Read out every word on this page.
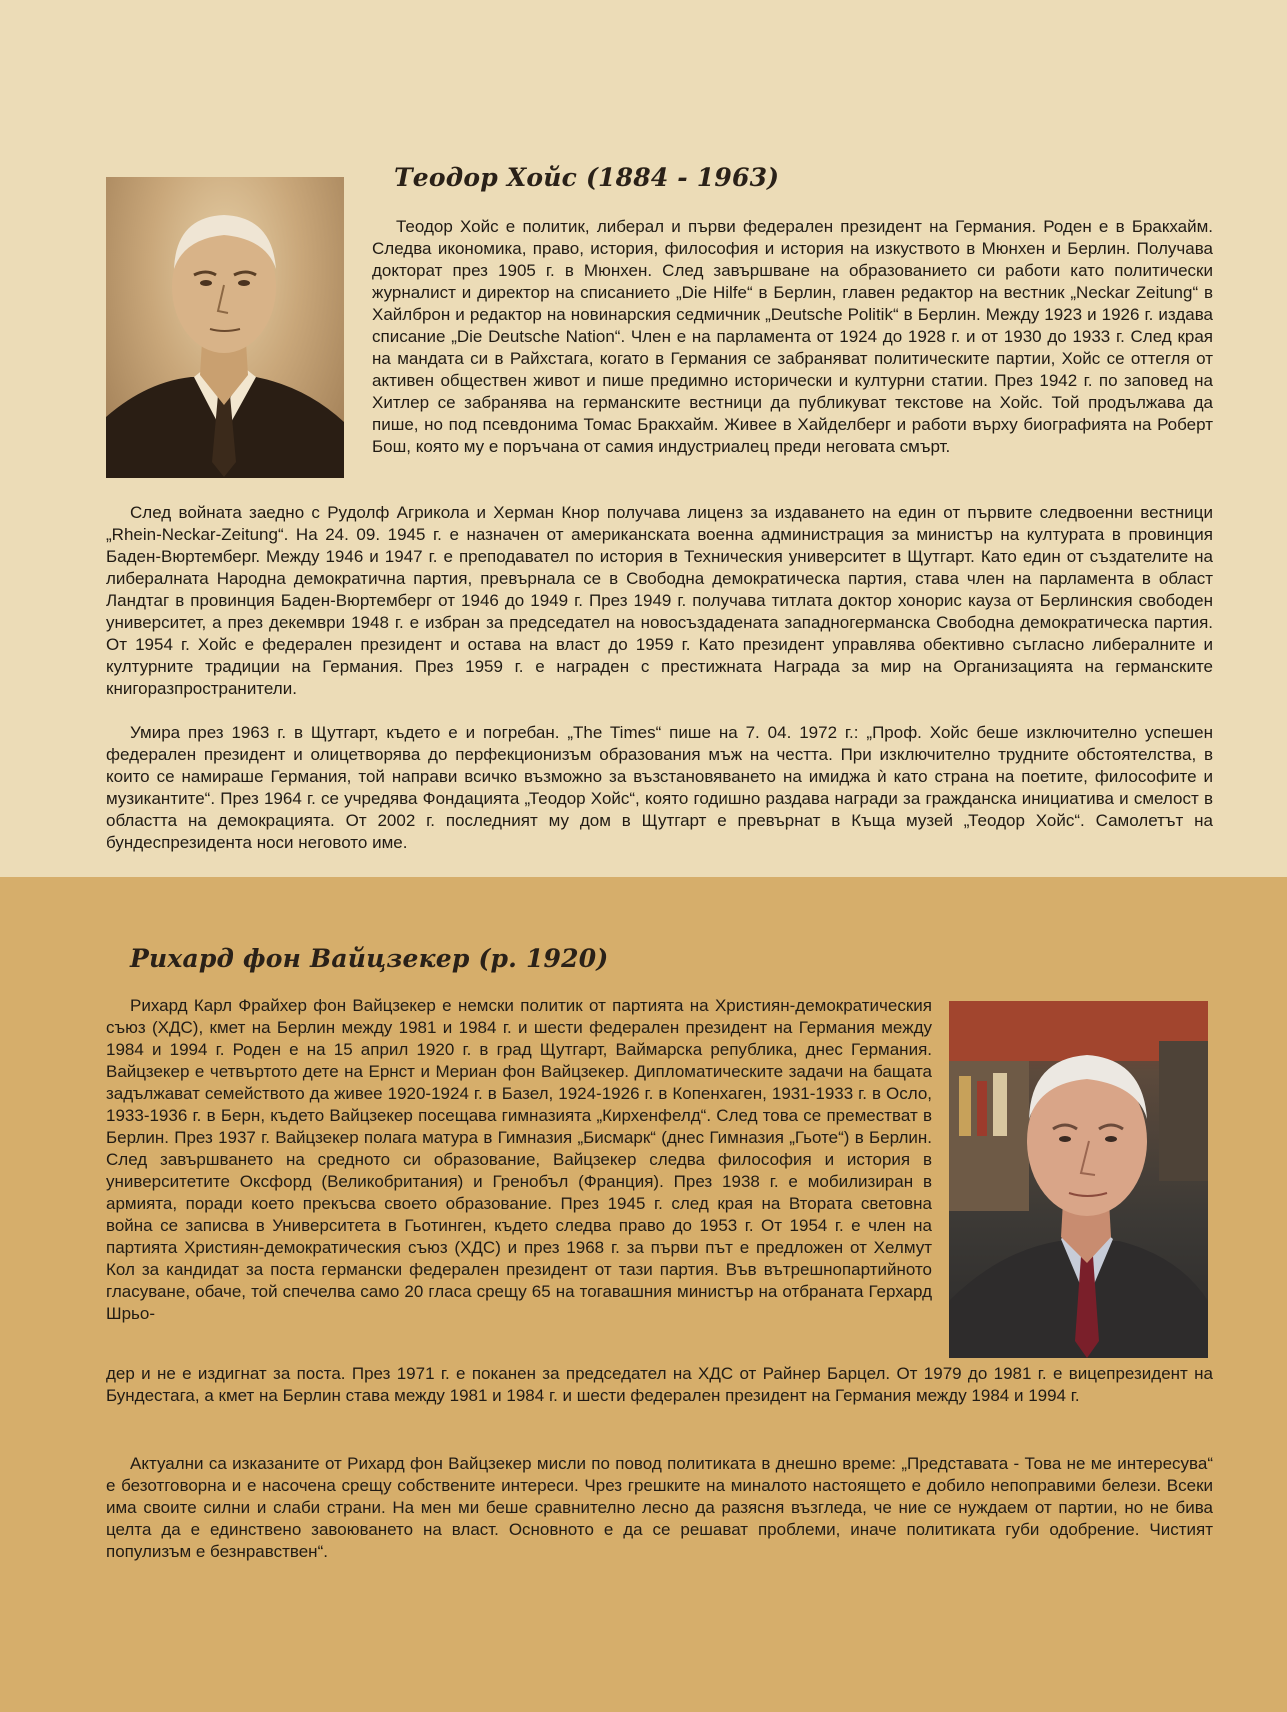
Теодор Хойс (1884 - 1963)

Теодор Хойс е политик, либерал и първи федерален президент на Германия. Роден е в Бракхайм. Следва икономика, право, история, философия и история на изкуството в Мюнхен и Берлин. Получава докторат през 1905 г. в Мюнхен. След завършване на образованието си работи като политически журналист и директор на списанието „Die Hilfe“ в Берлин, главен редактор на вестник „Neckar Zeitung“ в Хайлброн и редактор на новинарския седмичник „Deutsche Politik“ в Берлин. Между 1923 и 1926 г. издава списание „Die Deutsche Nation“. Член е на парламента от 1924 до 1928 г. и от 1930 до 1933 г. След края на мандата си в Райхстага, когато в Германия се забраняват политическите партии, Хойс се оттегля от активен обществен живот и пише предимно исторически и културни статии. През 1942 г. по заповед на Хитлер се забранява на германските вестници да публикуват текстове на Хойс. Той продължава да пише, но под псевдонима Томас Бракхайм. Живее в Хайделберг и работи върху биографията на Роберт Бош, която му е поръчана от самия индустриалец преди неговата смърт.

След войната заедно с Рудолф Агрикола и Херман Кнор получава лиценз за издаването на един от първите следвоенни вестници „Rhein-Neckar-Zeitung“. На 24. 09. 1945 г. е назначен от американската военна администрация за министър на културата в провинция Баден-Вюртемберг. Между 1946 и 1947 г. е преподавател по история в Техническия университет в Щутгарт. Като един от създателите на либералната Народна демократична партия, превърнала се в Свободна демократическа партия, става член на парламента в област Ландтаг в провинция Баден-Вюртемберг от 1946 до 1949 г. През 1949 г. получава титлата доктор хонорис кауза от Берлинския свободен университет, а през декември 1948 г. е избран за председател на новосъздадената западногерманска Свободна демократическа партия. От 1954 г. Хойс е федерален президент и остава на власт до 1959 г. Като президент управлява обективно съгласно либералните и културните традиции на Германия. През 1959 г. е награден с престижната Награда за мир на Организацията на германските книгоразпространители.

Умира през 1963 г. в Щутгарт, където е и погребан. „The Times“ пише на 7. 04. 1972 г.: „Проф. Хойс беше изключително успешен федерален президент и олицетворява до перфекционизъм образования мъж на честта. При изключително трудните обстоятелства, в които се намираше Германия, той направи всичко възможно за възстановяването на имиджа ѝ като страна на поетите, философите и музикантите“. През 1964 г. се учредява Фондацията „Теодор Хойс“, която годишно раздава награди за гражданска инициатива и смелост в областта на демокрацията. От 2002 г. последният му дом в Щутгарт е превърнат в Къща музей „Теодор Хойс“. Самолетът на бундеспрезидента носи неговото име.

Рихард фон Вайцзекер (р. 1920)

Рихард Карл Фрайхер фон Вайцзекер е немски политик от партията на Християн-демократическия съюз (ХДС), кмет на Берлин между 1981 и 1984 г. и шести федерален президент на Германия между 1984 и 1994 г. Роден е на 15 април 1920 г. в град Щутгарт, Ваймарска република, днес Германия. Вайцзекер е четвъртото дете на Ернст и Мериан фон Вайцзекер. Дипломатическите задачи на бащата задължават семейството да живее 1920-1924 г. в Базел, 1924-1926 г. в Копенхаген, 1931-1933 г. в Осло, 1933-1936 г. в Берн, където Вайцзекер посещава гимназията „Кирхенфелд“. След това се преместват в Берлин. През 1937 г. Вайцзекер полага матура в Гимназия „Бисмарк“ (днес Гимназия „Гьоте“) в Берлин. След завършването на средното си образование, Вайцзекер следва философия и история в университетите Оксфорд (Великобритания) и Гренобъл (Франция). През 1938 г. е мобилизиран в армията, поради което прекъсва своето образование. През 1945 г. след края на Втората световна война се записва в Университета в Гьотинген, където следва право до 1953 г. От 1954 г. е член на партията Християн-демократическия съюз (ХДС) и през 1968 г. за първи път е предложен от Хелмут Кол за кандидат за поста германски федерален президент от тази партия. Във вътрешнопартийното гласуване, обаче, той спечелва само 20 гласа срещу 65 на тогавашния министър на отбраната Герхард Шрьо-

дер и не е издигнат за поста. През 1971 г. е поканен за председател на ХДС от Райнер Барцел. От 1979 до 1981 г. е вицепрезидент на Бундестага, а кмет на Берлин става между 1981 и 1984 г. и шести федерален президент на Германия между 1984 и 1994 г.

Актуални са изказаните от Рихард фон Вайцзекер мисли по повод политиката в днешно време: „Представата - Това не ме интересува“ е безотговорна и е насочена срещу собствените интереси. Чрез грешките на миналото настоящето е добило непоправими белези. Всеки има своите силни и слаби страни. На мен ми беше сравнително лесно да разясня възгледа, че ние се нуждаем от партии, но не бива целта да е единствено завоюването на власт. Основното е да се решават проблеми, иначе политиката губи одобрение. Чистият популизъм е безнравствен“.
